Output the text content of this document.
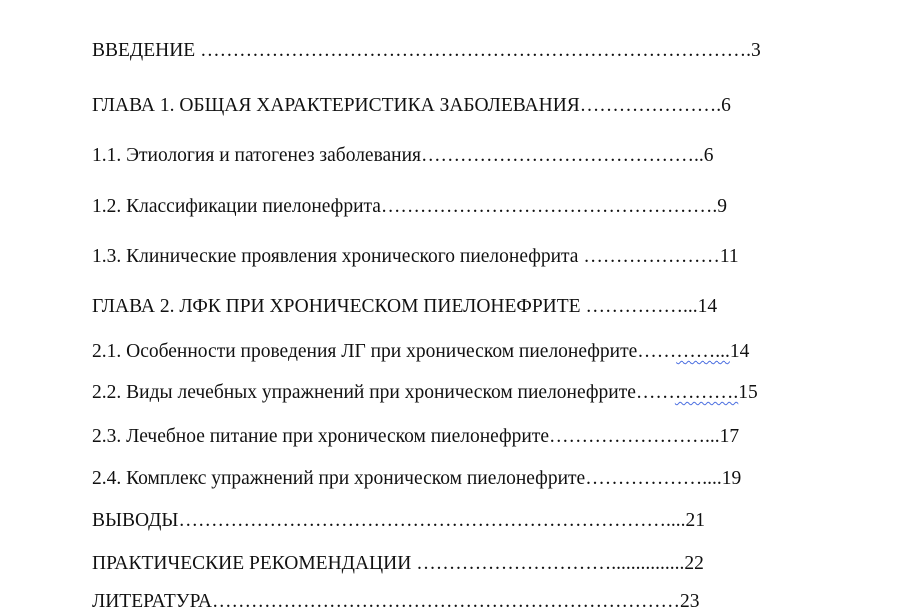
ВВЕДЕНИЕ ………………………………………………………………………….3
ГЛАВА 1. ОБЩАЯ ХАРАКТЕРИСТИКА ЗАБОЛЕВАНИЯ………………….6
1.1. Этиология и патогенез заболевания……………………………………..6
1.2. Классификации пиелонефрита…………………………………………….9
1.3. Клинические проявления хронического пиелонефрита …………………11
ГЛАВА 2. ЛФК ПРИ ХРОНИЧЕСКОМ ПИЕЛОНЕФРИТЕ ……………...14
2.1. Особенности проведения ЛГ при хроническом пиелонефрите…………...14
2.2. Виды лечебных упражнений при хроническом пиелонефрите…………….15
2.3. Лечебное питание при хроническом пиелонефрите……………………...17
2.4. Комплекс упражнений при хроническом пиелонефрите………………....19
ВЫВОДЫ…………………………………………………………………....21
ПРАКТИЧЕСКИЕ РЕКОМЕНДАЦИИ …………………………...............22
ЛИТЕРАТУРА………………………………………………………………23
